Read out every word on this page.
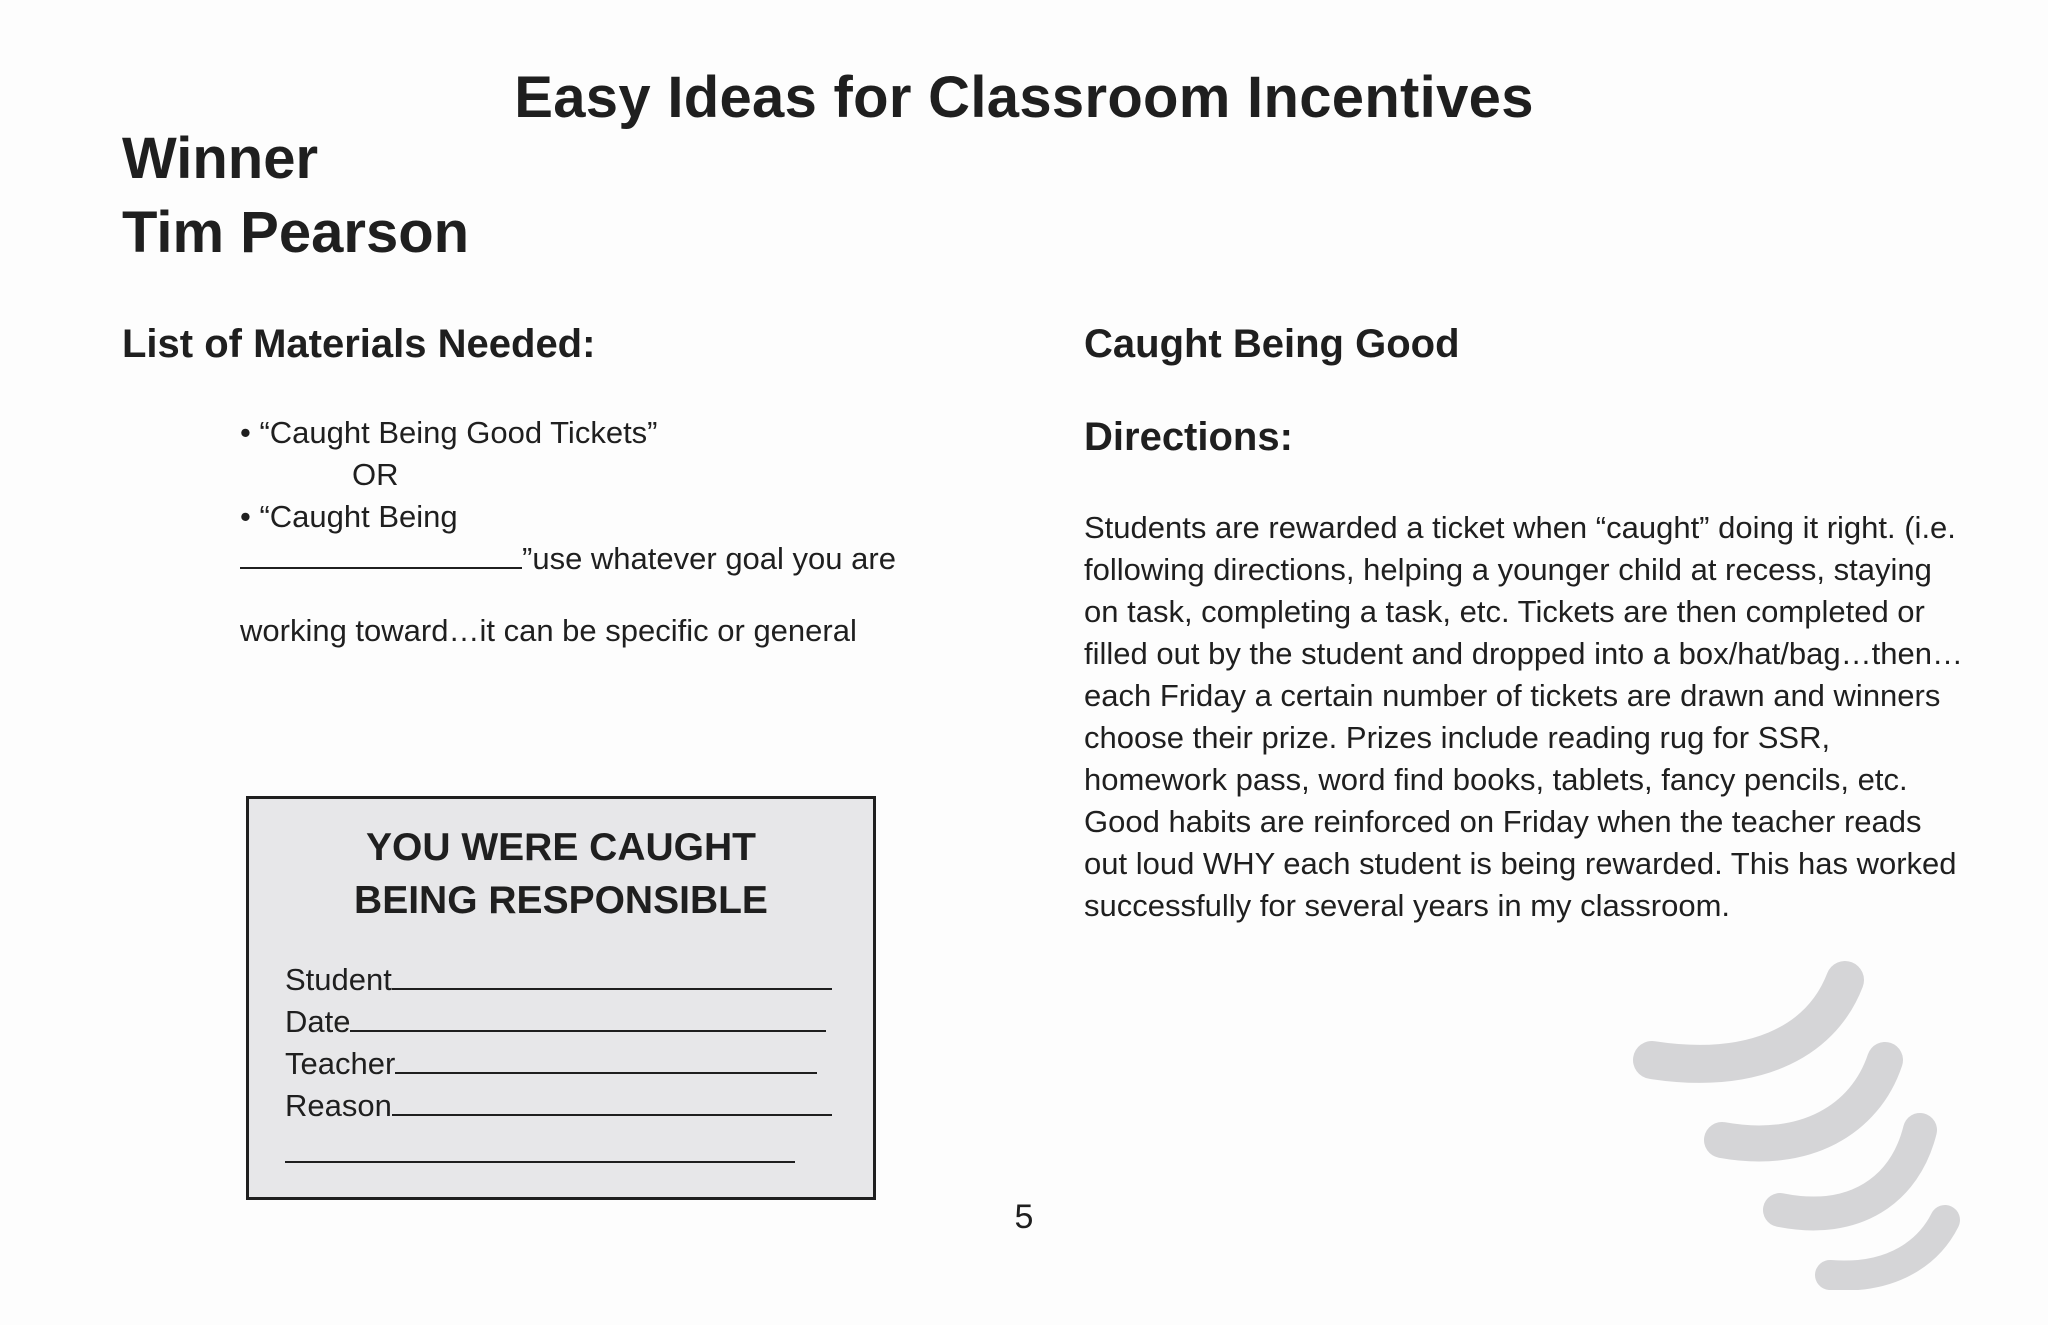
Easy Ideas for Classroom Incentives
Winner
Tim Pearson
List of Materials Needed:
• “Caught Being Good Tickets”
OR
• “Caught Being
”use whatever goal you are
working toward…it can be specific or general
YOU WERE CAUGHT
BEING RESPONSIBLE
Student
Date
Teacher
Reason
Caught Being Good
Directions:

Students are rewarded a ticket when “caught” doing it right. (i.e. following directions, helping a younger child at recess, staying on task, completing a task, etc. Tickets are then completed or filled out by the student and dropped into a box/hat/bag…then…each Friday a certain number of tickets are drawn and winners choose their prize. Prizes include reading rug for SSR, homework pass, word find books, tablets, fancy pencils, etc.

Good habits are reinforced on Friday when the teacher reads out loud WHY each student is being rewarded. This has worked successfully for several years in my classroom.

5
